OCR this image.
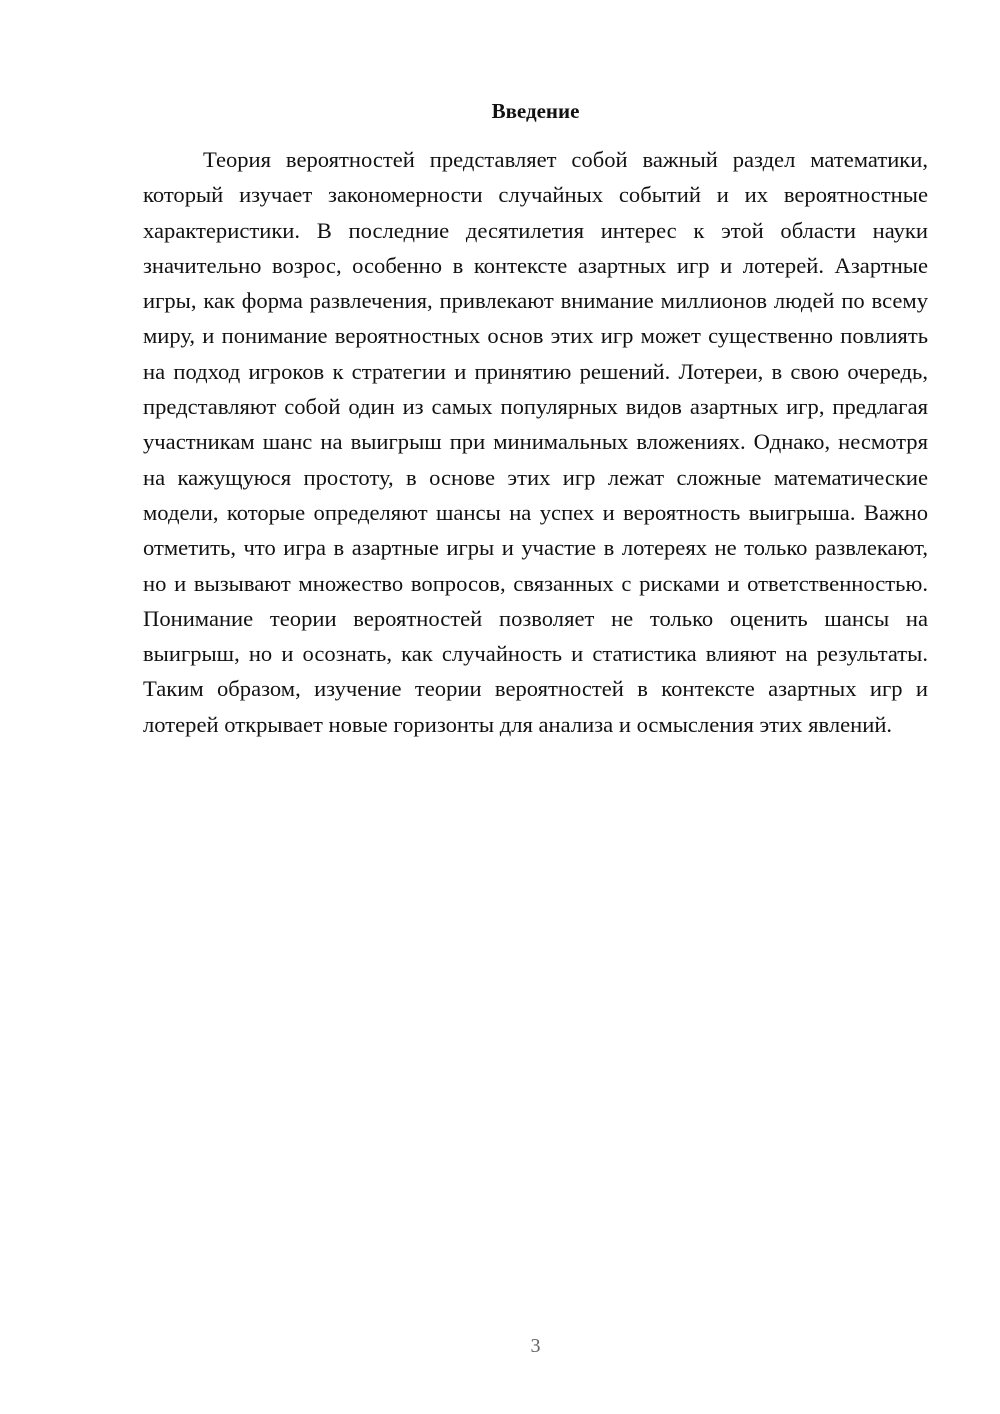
Введение

Теория вероятностей представляет собой важный раздел математики, который изучает закономерности случайных событий и их вероятностные характеристики. В последние десятилетия интерес к этой области науки значительно возрос, особенно в контексте азартных игр и лотерей. Азартные игры, как форма развлечения, привлекают внимание миллионов людей по всему миру, и понимание вероятностных основ этих игр может существенно повлиять на подход игроков к стратегии и принятию решений. Лотереи, в свою очередь, представляют собой один из самых популярных видов азартных игр, предлагая участникам шанс на выигрыш при минимальных вложениях. Однако, несмотря на кажущуюся простоту, в основе этих игр лежат сложные математические модели, которые определяют шансы на успех и вероятность выигрыша. Важно отметить, что игра в азартные игры и участие в лотереях не только развлекают, но и вызывают множество вопросов, связанных с рисками и ответственностью. Понимание теории вероятностей позволяет не только оценить шансы на выигрыш, но и осознать, как случайность и статистика влияют на результаты. Таким образом, изучение теории вероятностей в контексте азартных игр и лотерей открывает новые горизонты для анализа и осмысления этих явлений.

3
